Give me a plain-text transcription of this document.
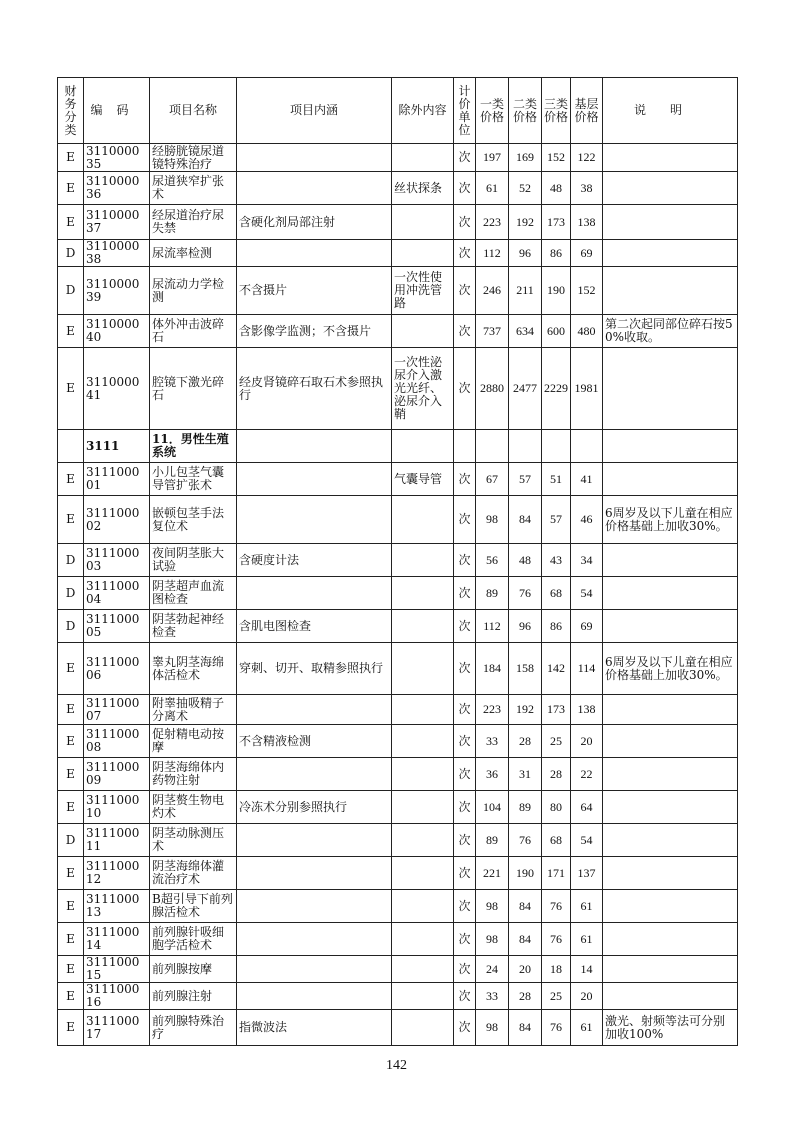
财务分类	编码	项目名称	项目内涵	除外内容	计价单位	一类价格	二类价格	三类价格	基层价格	说明
E	311000035	经膀胱镜尿道镜特殊治疗			次	197	169	152	122	
E	311000036	尿道狭窄扩张术		丝状探条	次	61	52	48	38	
E	311000037	经尿道治疗尿失禁	含硬化剂局部注射		次	223	192	173	138	
D	311000038	尿流率检测			次	112	96	86	69	
D	311000039	尿流动力学检测	不含摄片	一次性使用冲洗管路	次	246	211	190	152	
E	311000040	体外冲击波碎石	含影像学监测；不含摄片		次	737	634	600	480	第二次起同部位碎石按50%收取。
E	311000041	腔镜下激光碎石	经皮肾镜碎石取石术参照执行	一次性泌尿介入激光光纤、泌尿介入鞘	次	2880	2477	2229	1981	
	3111	11．男性生殖系统								
E	311100001	小儿包茎气囊导管扩张术		气囊导管	次	67	57	51	41	
E	311100002	嵌顿包茎手法复位术			次	98	84	57	46	6周岁及以下儿童在相应价格基础上加收30%。
D	311100003	夜间阴茎胀大试验	含硬度计法		次	56	48	43	34	
D	311100004	阴茎超声血流图检查			次	89	76	68	54	
D	311100005	阴茎勃起神经检查	含肌电图检查		次	112	96	86	69	
E	311100006	睾丸阴茎海绵体活检术	穿刺、切开、取精参照执行		次	184	158	142	114	6周岁及以下儿童在相应价格基础上加收30%。
E	311100007	附睾抽吸精子分离术			次	223	192	173	138	
E	311100008	促射精电动按摩	不含精液检测		次	33	28	25	20	
E	311100009	阴茎海绵体内药物注射			次	36	31	28	22	
E	311100010	阴茎赘生物电灼术	冷冻术分别参照执行		次	104	89	80	64	
D	311100011	阴茎动脉测压术			次	89	76	68	54	
E	311100012	阴茎海绵体灌流治疗术			次	221	190	171	137	
E	311100013	B超引导下前列腺活检术			次	98	84	76	61	
E	311100014	前列腺针吸细胞学活检术			次	98	84	76	61	
E	311100015	前列腺按摩			次	24	20	18	14	
E	311100016	前列腺注射			次	33	28	25	20	
E	311100017	前列腺特殊治疗	指微波法		次	98	84	76	61	激光、射频等法可分别加收100%
142
